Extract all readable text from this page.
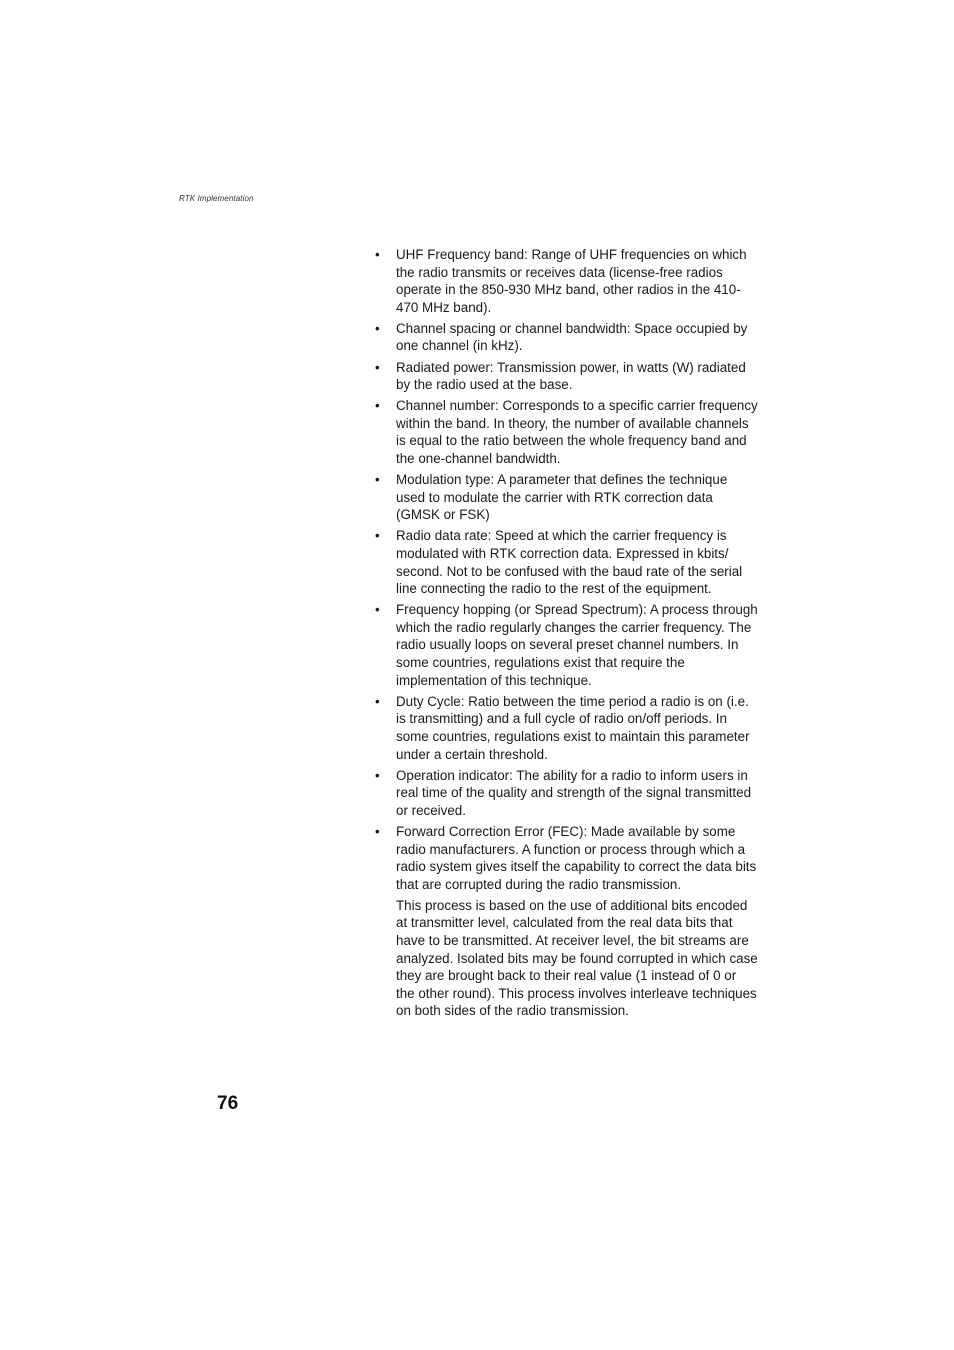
RTK Implementation
• UHF Frequency band: Range of UHF frequencies on which the radio transmits or receives data (license-free radios operate in the 850-930 MHz band, other radios in the 410-470 MHz band).
• Channel spacing or channel bandwidth: Space occupied by one channel (in kHz).
• Radiated power: Transmission power, in watts (W) radiated by the radio used at the base.
• Channel number: Corresponds to a specific carrier frequency within the band. In theory, the number of available channels is equal to the ratio between the whole frequency band and the one-channel bandwidth.
• Modulation type: A parameter that defines the technique used to modulate the carrier with RTK correction data (GMSK or FSK)
• Radio data rate: Speed at which the carrier frequency is modulated with RTK correction data. Expressed in kbits/ second. Not to be confused with the baud rate of the serial line connecting the radio to the rest of the equipment.
• Frequency hopping (or Spread Spectrum): A process through which the radio regularly changes the carrier frequency. The radio usually loops on several preset channel numbers. In some countries, regulations exist that require the implementation of this technique.
• Duty Cycle: Ratio between the time period a radio is on (i.e. is transmitting) and a full cycle of radio on/off periods. In some countries, regulations exist to maintain this parameter under a certain threshold.
• Operation indicator: The ability for a radio to inform users in real time of the quality and strength of the signal transmitted or received.
• Forward Correction Error (FEC): Made available by some radio manufacturers. A function or process through which a radio system gives itself the capability to correct the data bits that are corrupted during the radio transmission.
This process is based on the use of additional bits encoded at transmitter level, calculated from the real data bits that have to be transmitted. At receiver level, the bit streams are analyzed. Isolated bits may be found corrupted in which case they are brought back to their real value (1 instead of 0 or the other round). This process involves interleave techniques on both sides of the radio transmission.
76
